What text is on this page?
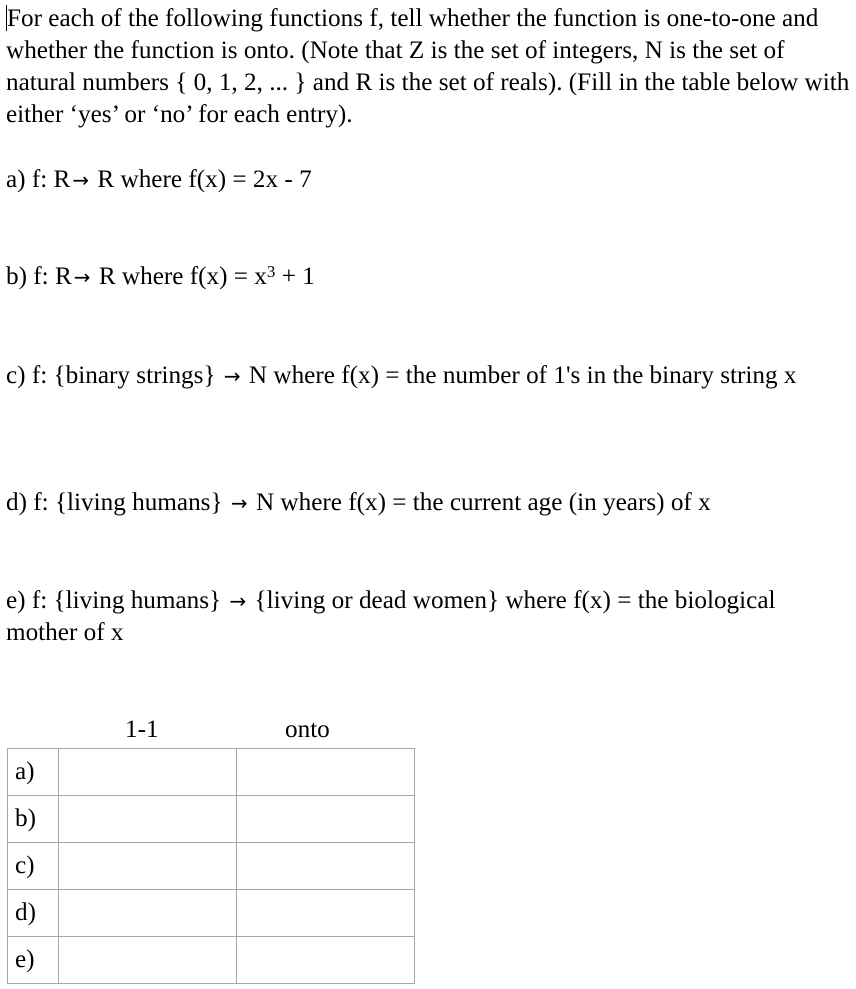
For each of the following functions f, tell whether the function is one-to-one and whether the function is onto. (Note that Z is the set of integers, N is the set of natural numbers { 0, 1, 2, ... } and R is the set of reals). (Fill in the table below with either ‘yes’ or ‘no’ for each entry).
a) f: R → R where f(x) = 2x - 7
b) f: R → R where $f(x) = x^3 + 1$
c) f: {binary strings} → N where f(x) = the number of 1's in the binary string x
d) f: {living humans} → N where f(x) = the current age (in years) of x
e) f: {living humans} → {living or dead women} where f(x) = the biological mother of x
1-1	onto
a)		
b)		
c)		
d)		
e)		
